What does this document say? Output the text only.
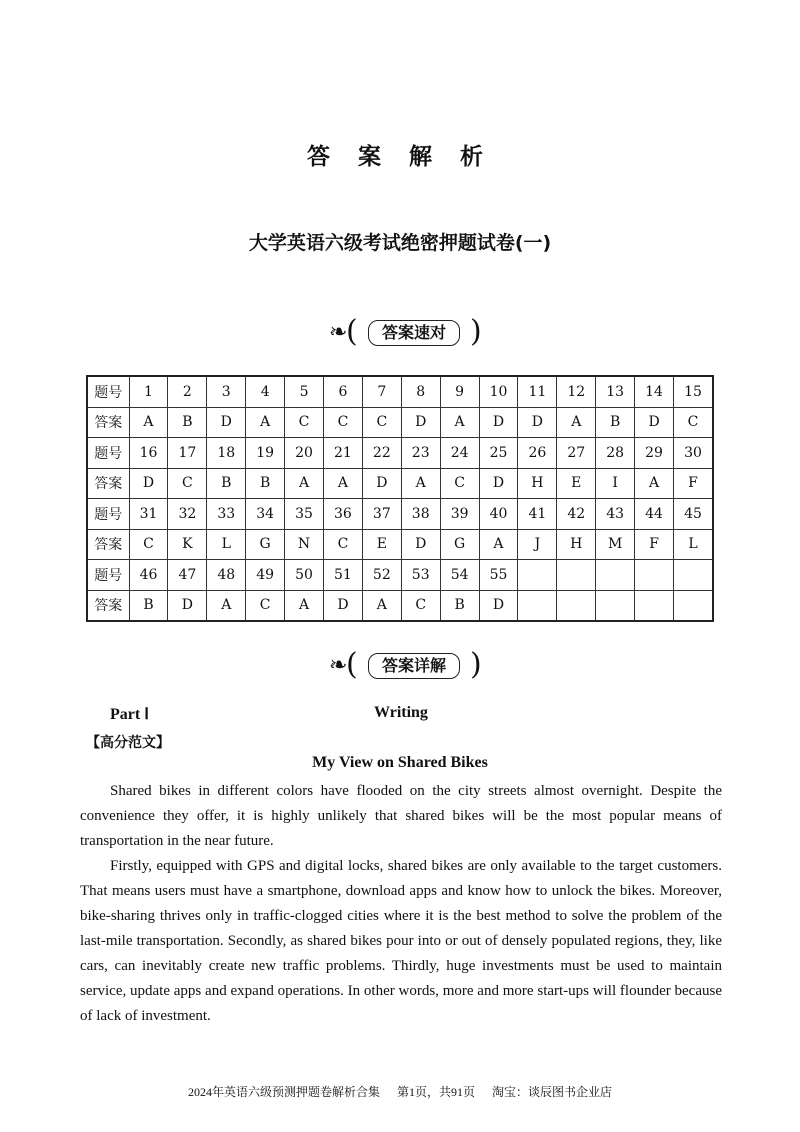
答 案 解 析
大学英语六级考试绝密押题试卷(一)
❧ (	答案速对 )
题号	1	2	3	4	5	6	7	8	9	10	11	12	13	14	15
答案	A	B	D	A	C	C	C	D	A	D	D	A	B	D	C
题号	16	17	18	19	20	21	22	23	24	25	26	27	28	29	30
答案	D	C	B	B	A	A	D	A	C	D	H	E	I	A	F
题号	31	32	33	34	35	36	37	38	39	40	41	42	43	44	45
答案	C	K	L	G	N	C	E	D	G	A	J	H	M	F	L
题号	46	47	48	49	50	51	52	53	54	55					
答案	B	D	A	C	A	D	A	C	B	D					
❧ (	答案详解 )
Part Ⅰ	Writing
【高分范文】
My View on Shared Bikes

Shared bikes in different colors have flooded on the city streets almost overnight. Despite the convenience they offer, it is highly unlikely that shared bikes will be the most popular means of transportation in the near future.

Firstly, equipped with GPS and digital locks, shared bikes are only available to the target customers. That means users must have a smartphone, download apps and know how to unlock the bikes. Moreover, bike-sharing thrives only in traffic-clogged cities where it is the best method to solve the problem of the last-mile transportation. Secondly, as shared bikes pour into or out of densely populated regions, they, like cars, can inevitably create new traffic problems. Thirdly, huge investments must be used to maintain service, update apps and expand operations. In other words, more and more start-ups will flounder because of lack of investment.

2024年英语六级预测押题卷解析合集 第1页，共91页 淘宝：谈辰图书企业店
